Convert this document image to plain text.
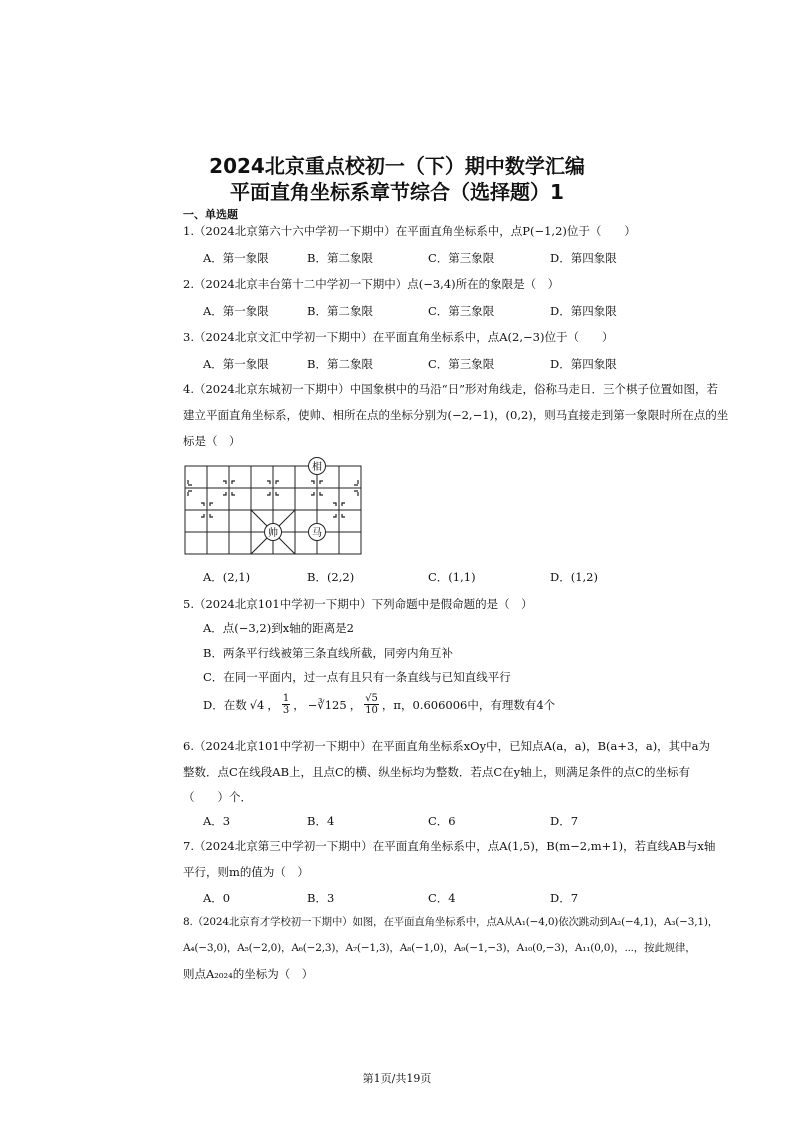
2024北京重点校初一（下）期中数学汇编
平面直角坐标系章节综合（选择题）1
一、单选题
1.（2024北京第六十六中学初一下期中）在平面直角坐标系中，点P(−1,2)位于（　　）
A．第一象限	B．第二象限	C．第三象限	D．第四象限
2.（2024北京丰台第十二中学初一下期中）点(−3,4)所在的象限是（　）
A．第一象限	B．第二象限	C．第三象限	D．第四象限
3.（2024北京文汇中学初一下期中）在平面直角坐标系中，点A(2,−3)位于（　　）
A．第一象限	B．第二象限	C．第三象限	D．第四象限
4.（2024北京东城初一下期中）中国象棋中的马沿“日”形对角线走，俗称马走日．三个棋子位置如图，若
建立平面直角坐标系，使帅、相所在点的坐标分别为(−2,−1)，(0,2)，则马直接走到第一象限时所在点的坐
标是（　）
相
帅	马
A．(2,1)	B．(2,2)	C．(1,1)	D．(1,2)
5.（2024北京101中学初一下期中）下列命题中是假命题的是（　）
A．点(−3,2)到x轴的距离是2
B．两条平行线被第三条直线所截，同旁内角互补
C．在同一平面内，过一点有且只有一条直线与已知直线平行
D．在数 √4 ， $\frac{1}{3}$ ， −∛125 ， $\frac{√5}{10}$ ，π，0.606006中，有理数有4个
6.（2024北京101中学初一下期中）在平面直角坐标系xOy中，已知点A(a，a)，B(a+3，a)，其中a为
整数．点C在线段AB上，且点C的横、纵坐标均为整数．若点C在y轴上，则满足条件的点C的坐标有
（　　）个．
A．3	B．4	C．6	D．7
7.（2024北京第三中学初一下期中）在平面直角坐标系中，点A(1,5)，B(m−2,m+1)，若直线AB与x轴
平行，则m的值为（　）
A．0	B．3	C．4	D．7
8.（2024北京育才学校初一下期中）如图，在平面直角坐标系中，点A从A₁(−4,0)依次跳动到A₂(−4,1)，A₃(−3,1)，
A₄(−3,0)，A₅(−2,0)，A₆(−2,3)，A₇(−1,3)，A₈(−1,0)，A₉(−1,−3)，A₁₀(0,−3)，A₁₁(0,0)，⋯，按此规律，
则点A₂₀₂₄的坐标为（　）
第1页/共19页
